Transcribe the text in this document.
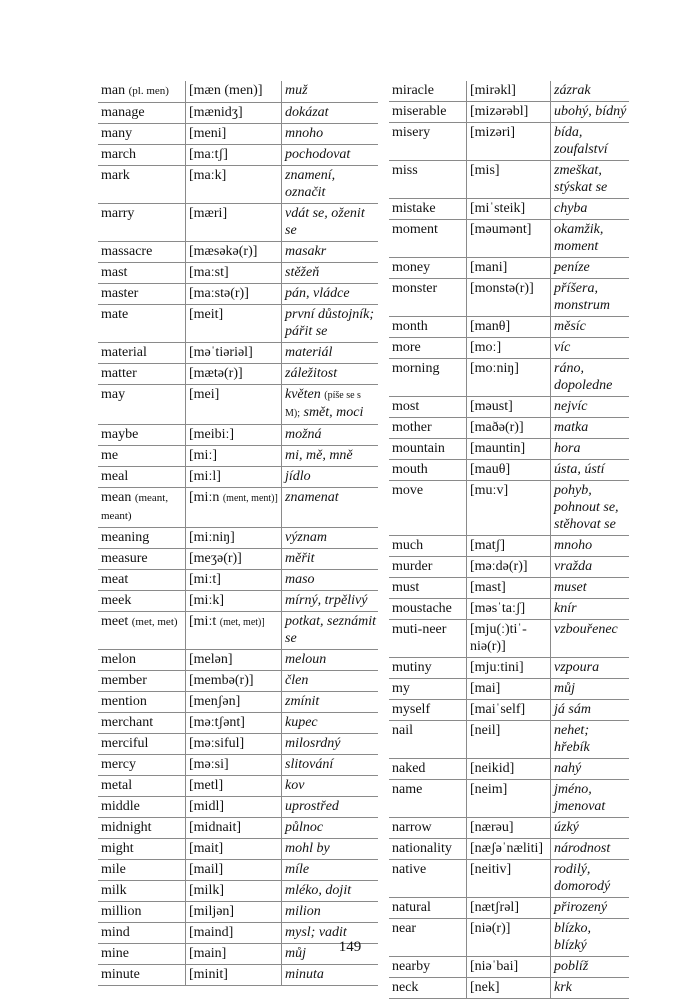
man (pl. men)	[mæn (men)]	muž
manage	[mænidʒ]	dokázat
many	[meni]	mnoho
march	[maːtʃ]	pochodovat
mark	[maːk]	znamení, označit
marry	[mæri]	vdát se, oženit se
massacre	[mæsəkə(r)]	masakr
mast	[maːst]	stěžeň
master	[maːstə(r)]	pán, vládce
mate	[meit]	první důstojník; pářit se
material	[məˈtiəriəl]	materiál
matter	[mætə(r)]	záležitost
may	[mei]	květen (píše se s M); smět, moci
maybe	[meibiː]	možná
me	[miː]	mi, mě, mně
meal	[miːl]	jídlo
mean (meant, meant)	[miːn (ment, ment)]	znamenat
meaning	[miːniŋ]	význam
measure	[meʒə(r)]	měřit
meat	[miːt]	maso
meek	[miːk]	mírný, trpělivý
meet (met, met)	[miːt (met, met)]	potkat, seznámit se
melon	[melən]	meloun
member	[membə(r)]	člen
mention	[menʃən]	zmínit
merchant	[məːtʃənt]	kupec
merciful	[məːsiful]	milosrdný
mercy	[məːsi]	slitování
metal	[metl]	kov
middle	[midl]	uprostřed
midnight	[midnait]	půlnoc
might	[mait]	mohl by
mile	[mail]	míle
milk	[milk]	mléko, dojit
million	[miljən]	milion
mind	[maind]	mysl; vadit
mine	[main]	můj
minute	[minit]	minuta
miracle	[mirəkl]	zázrak
miserable	[mizərəbl]	ubohý, bídný
misery	[mizəri]	bída, zoufalství
miss	[mis]	zmeškat, stýskat se
mistake	[miˈsteik]	chyba
moment	[məumənt]	okamžik, moment
money	[mani]	peníze
monster	[monstə(r)]	příšera, monstrum
month	[manθ]	měsíc
more	[moː]	víc
morning	[moːniŋ]	ráno, dopoledne
most	[məust]	nejvíc
mother	[maðə(r)]	matka
mountain	[mauntin]	hora
mouth	[mauθ]	ústa, ústí
move	[muːv]	pohyb, pohnout se, stěhovat se
much	[matʃ]	mnoho
murder	[məːdə(r)]	vražda
must	[mast]	muset
moustache	[məsˈtaːʃ]	knír
muti-neer	[mju(ː)tiˈ-niə(r)]	vzbouřenec
mutiny	[mjuːtini]	vzpoura
my	[mai]	můj
myself	[maiˈself]	já sám
nail	[neil]	nehet; hřebík
naked	[neikid]	nahý
name	[neim]	jméno, jmenovat
narrow	[nærəu]	úzký
nationality	[næʃəˈnæliti]	národnost
native	[neitiv]	rodilý, domorodý
natural	[nætʃrəl]	přirozený
near	[niə(r)]	blízko, blízký
nearby	[niəˈbai]	poblíž
neck	[nek]	krk
149
